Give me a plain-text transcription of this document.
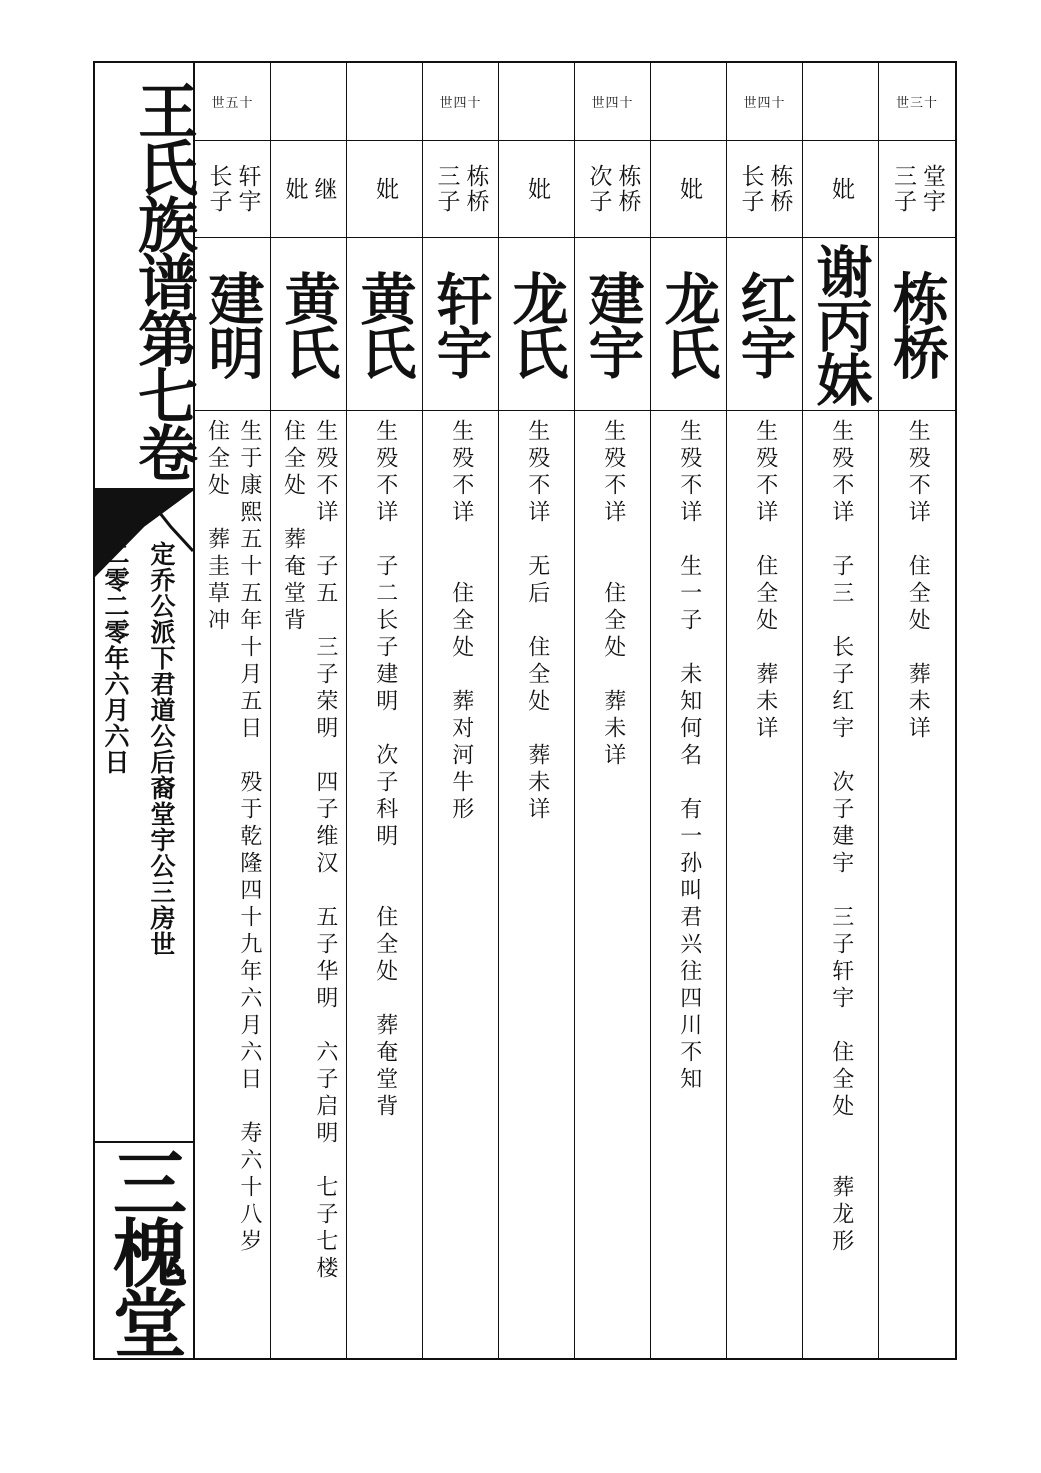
王氏族谱第七卷
定乔公派下君道公后裔堂宇公三房世
二零二零年六月六日
三槐堂
世五十
轩宇
长子
建明
生于康熙五十五年十月五日　殁于乾隆四十九年六月六日　寿六十八岁
住全处　葬圭草冲
继
妣
黄氏
生殁不详　子五　三子荣明　四子维汉　五子华明　六子启明　七子七楼
住全处　葬奄堂背
妣
黄氏
生殁不详　子二长子建明　次子科明　　住全处　葬奄堂背
世四十
栋桥
三子
轩宇
生殁不详　　住全处　葬对河牛形
妣
龙氏
生殁不详　无后　住全处　葬未详
世四十
栋桥
次子
建宇
生殁不详　　住全处　葬未详
妣
龙氏
生殁不详　生一子　未知何名　有一孙叫君兴往四川不知
世四十
栋桥
长子
红宇
生殁不详　住全处　葬未详
妣
谢丙妹
生殁不详　子三　长子红宇　次子建宇　三子轩宇　住全处　　葬龙形
世三十
堂宇
三子
栋桥
生殁不详　住全处　葬未详
